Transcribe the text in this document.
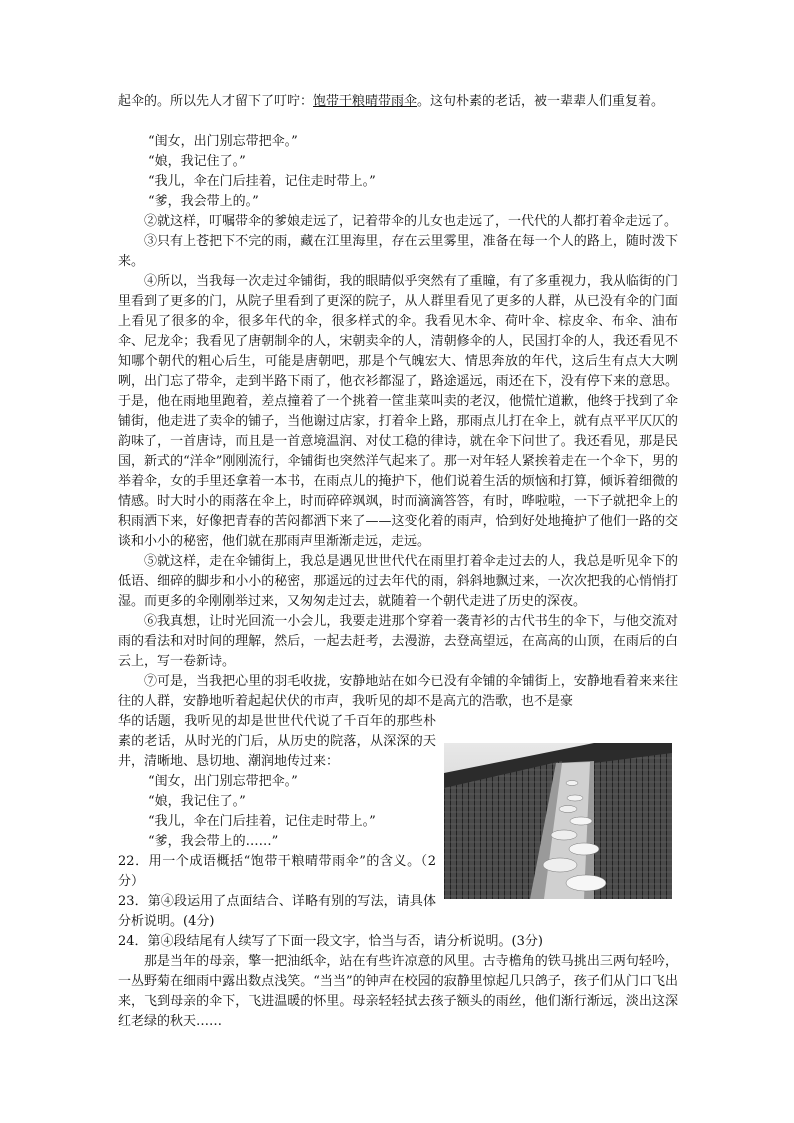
起伞的。所以先人才留下了叮咛：饱带干粮晴带雨伞。这句朴素的老话，被一辈辈人们重复着。

“闺女，出门别忘带把伞。”

“娘，我记住了。”

“我儿，伞在门后挂着，记住走时带上。”

“爹，我会带上的。”

②就这样，叮嘱带伞的爹娘走远了，记着带伞的儿女也走远了，一代代的人都打着伞走远了。

③只有上苍把下不完的雨，藏在江里海里，存在云里雾里，准备在每一个人的路上，随时泼下来。

④所以，当我每一次走过伞铺街，我的眼睛似乎突然有了重瞳，有了多重视力，我从临街的门里看到了更多的门，从院子里看到了更深的院子，从人群里看见了更多的人群，从已没有伞的门面上看见了很多的伞，很多年代的伞，很多样式的伞。我看见木伞、荷叶伞、棕皮伞、布伞、油布伞、尼龙伞；我看见了唐朝制伞的人，宋朝卖伞的人，清朝修伞的人，民国打伞的人，我还看见不知哪个朝代的粗心后生，可能是唐朝吧，那是个气魄宏大、情思奔放的年代，这后生有点大大咧咧，出门忘了带伞，走到半路下雨了，他衣衫都湿了，路途遥远，雨还在下，没有停下来的意思。于是，他在雨地里跑着，差点撞着了一个挑着一筐韭菜叫卖的老汉，他慌忙道歉，他终于找到了伞铺街，他走进了卖伞的铺子，当他谢过店家，打着伞上路，那雨点儿打在伞上，就有点平平仄仄的韵味了，一首唐诗，而且是一首意境温润、对仗工稳的律诗，就在伞下问世了。我还看见，那是民国，新式的“洋伞”刚刚流行，伞铺街也突然洋气起来了。那一对年轻人紧挨着走在一个伞下，男的举着伞，女的手里还拿着一本书，在雨点儿的掩护下，他们说着生活的烦恼和打算，倾诉着细微的情感。时大时小的雨落在伞上，时而碎碎飒飒，时而滴滴答答，有时，哗啦啦，一下子就把伞上的积雨洒下来，好像把青春的苦闷都洒下来了——这变化着的雨声，恰到好处地掩护了他们一路的交谈和小小的秘密，他们就在那雨声里渐渐走远，走远。

⑤就这样，走在伞铺街上，我总是遇见世世代代在雨里打着伞走过去的人，我总是听见伞下的低语、细碎的脚步和小小的秘密，那遥远的过去年代的雨，斜斜地飘过来，一次次把我的心悄悄打湿。而更多的伞刚刚举过来，又匆匆走过去，就随着一个朝代走进了历史的深夜。

⑥我真想，让时光回流一小会儿，我要走进那个穿着一袭青衫的古代书生的伞下，与他交流对雨的看法和对时间的理解，然后，一起去赶考，去漫游，去登高望远，在高高的山顶，在雨后的白云上，写一卷新诗。

⑦可是，当我把心里的羽毛收拢，安静地站在如今已没有伞铺的伞铺街上，安静地看着来来往往的人群，安静地听着起起伏伏的市声，我听见的却不是高亢的浩歌，也不是豪

华的话题，我听见的却是世世代代说了千百年的那些朴素的老话，从时光的门后，从历史的院落，从深深的天井，清晰地、恳切地、潮润地传过来：

“闺女，出门别忘带把伞。”

“娘，我记住了。”

“我儿，伞在门后挂着，记住走时带上。”

“爹，我会带上的……”

22．用一个成语概括“饱带干粮晴带雨伞”的含义。（2分）

23．第④段运用了点面结合、详略有别的写法，请具体分析说明。(4分)

24．第④段结尾有人续写了下面一段文字，恰当与否，请分析说明。(3分)

那是当年的母亲，擎一把油纸伞，站在有些许凉意的风里。古寺檐角的铁马挑出三两句轻吟，一丛野菊在细雨中露出数点浅笑。“当当”的钟声在校园的寂静里惊起几只鸽子，孩子们从门口飞出来，飞到母亲的伞下，飞进温暖的怀里。母亲轻轻拭去孩子额头的雨丝，他们渐行渐远，淡出这深红老绿的秋天……
